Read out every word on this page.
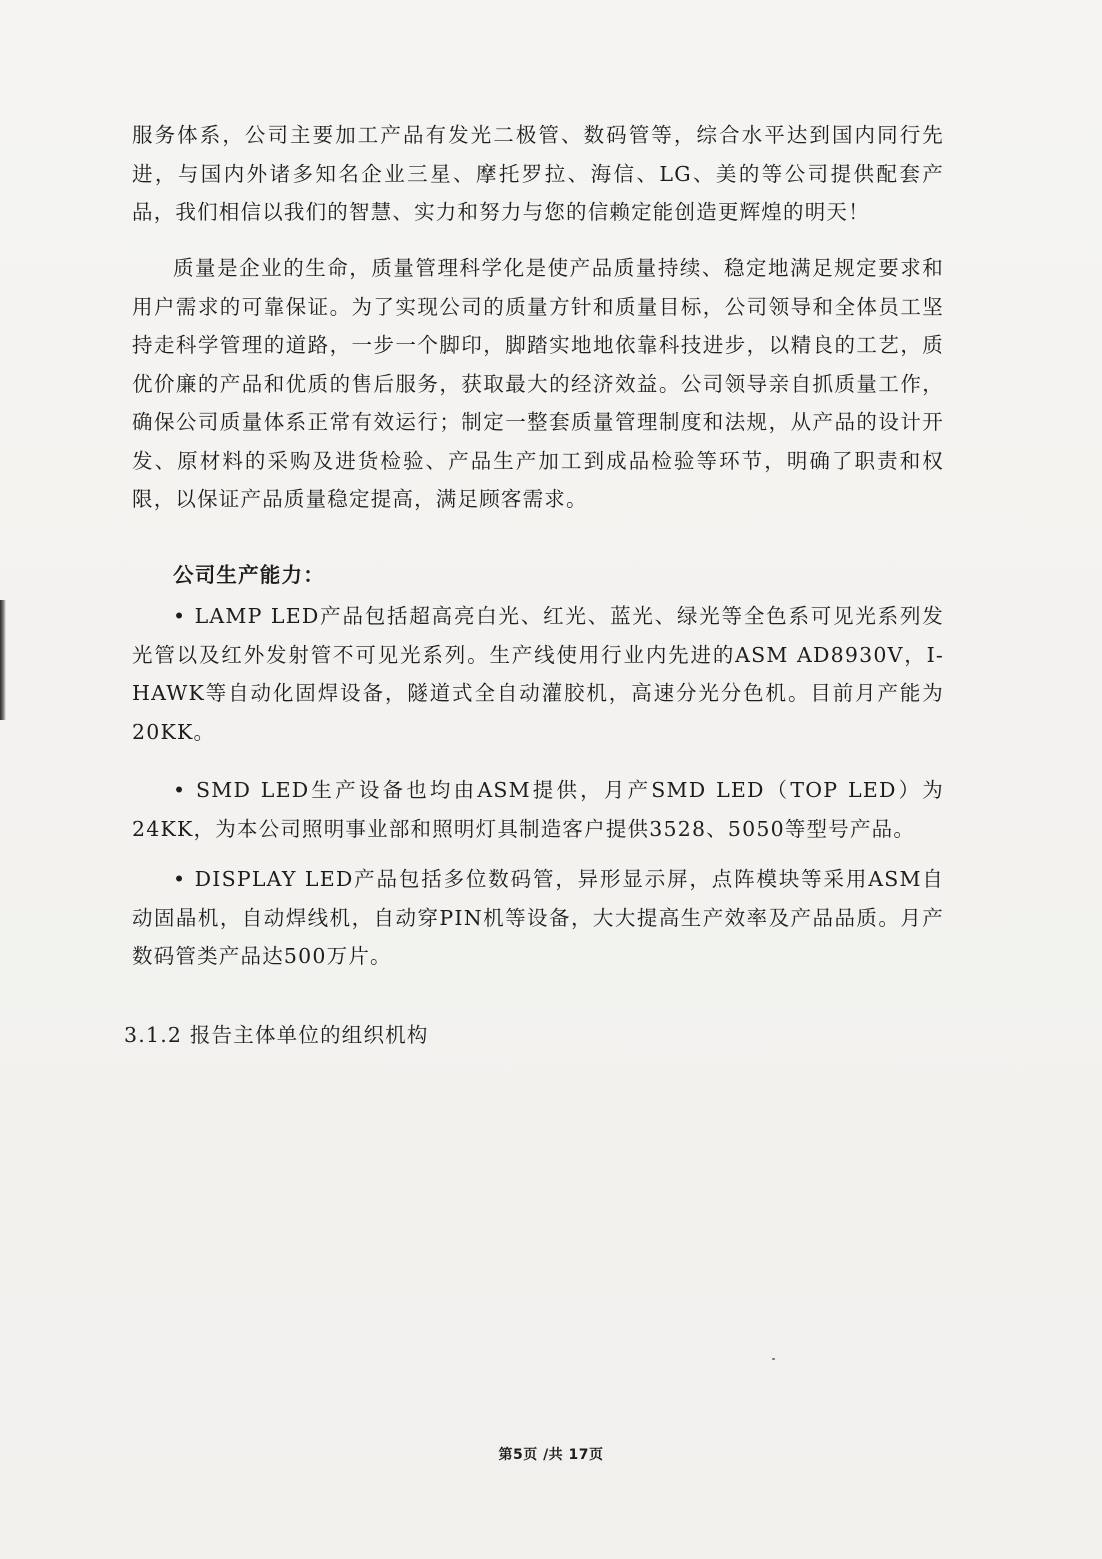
服务体系，公司主要加工产品有发光二极管、数码管等，综合水平达到国内同行先进，与国内外诸多知名企业三星、摩托罗拉、海信、LG、美的等公司提供配套产品，我们相信以我们的智慧、实力和努力与您的信赖定能创造更辉煌的明天！

质量是企业的生命，质量管理科学化是使产品质量持续、稳定地满足规定要求和用户需求的可靠保证。为了实现公司的质量方针和质量目标，公司领导和全体员工坚持走科学管理的道路，一步一个脚印，脚踏实地地依靠科技进步，以精良的工艺，质优价廉的产品和优质的售后服务，获取最大的经济效益。公司领导亲自抓质量工作，确保公司质量体系正常有效运行；制定一整套质量管理制度和法规，从产品的设计开发、原材料的采购及进货检验、产品生产加工到成品检验等环节，明确了职责和权限，以保证产品质量稳定提高，满足顾客需求。

公司生产能力：

• LAMP LED产品包括超高亮白光、红光、蓝光、绿光等全色系可见光系列发光管以及红外发射管不可见光系列。生产线使用行业内先进的ASM AD8930V，I-HAWK等自动化固焊设备，隧道式全自动灌胶机，高速分光分色机。目前月产能为20KK。

• SMD LED生产设备也均由ASM提供，月产SMD LED（TOP LED）为24KK，为本公司照明事业部和照明灯具制造客户提供3528、5050等型号产品。

• DISPLAY LED产品包括多位数码管，异形显示屏，点阵模块等采用ASM自动固晶机，自动焊线机，自动穿PIN机等设备，大大提高生产效率及产品品质。月产数码管类产品达500万片。

3.1.2 报告主体单位的组织机构

第5页 /共 17页
